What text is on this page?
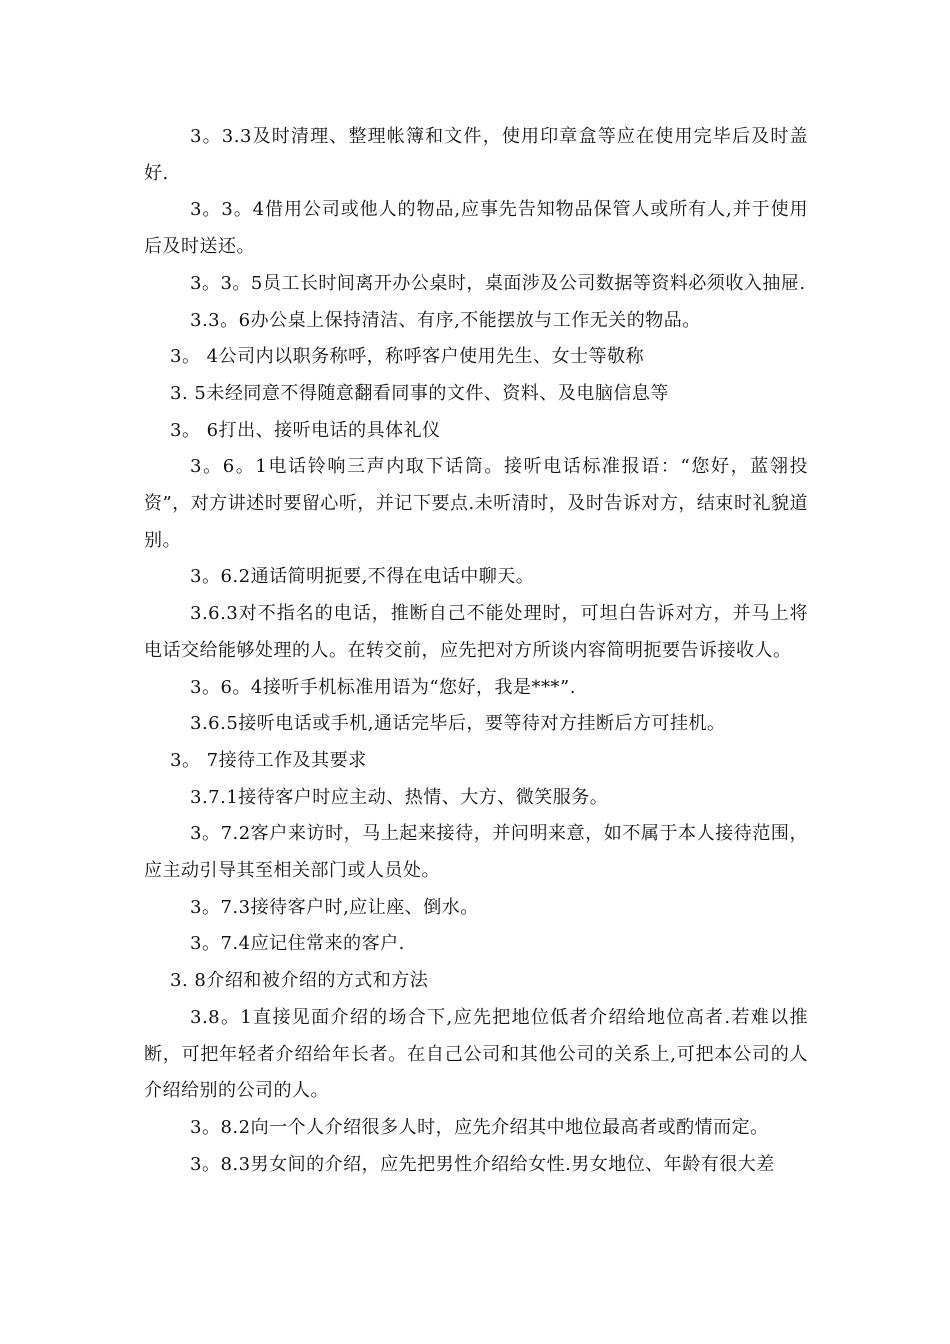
3。3.3及时清理、整理帐簿和文件，使用印章盒等应在使用完毕后及时盖好.

3。3。4借用公司或他人的物品,应事先告知物品保管人或所有人,并于使用后及时送还。

3。3。5员工长时间离开办公桌时，桌面涉及公司数据等资料必须收入抽屉.

3.3。6办公桌上保持清洁、有序,不能摆放与工作无关的物品。

3。 4公司内以职务称呼，称呼客户使用先生、女士等敬称

3. 5未经同意不得随意翻看同事的文件、资料、及电脑信息等

3。 6打出、接听电话的具体礼仪

3。6。1电话铃响三声内取下话筒。接听电话标准报语：“您好，蓝翎投资”，对方讲述时要留心听，并记下要点.未听清时，及时告诉对方，结束时礼貌道别。

3。6.2通话简明扼要,不得在电话中聊天。

3.6.3对不指名的电话，推断自己不能处理时，可坦白告诉对方，并马上将电话交给能够处理的人。在转交前，应先把对方所谈内容简明扼要告诉接收人。

3。6。4接听手机标准用语为“您好，我是***”.

3.6.5接听电话或手机,通话完毕后，要等待对方挂断后方可挂机。

3。 7接待工作及其要求

3.7.1接待客户时应主动、热情、大方、微笑服务。

3。7.2客户来访时，马上起来接待，并问明来意，如不属于本人接待范围，应主动引导其至相关部门或人员处。

3。7.3接待客户时,应让座、倒水。

3。7.4应记住常来的客户.

3. 8介绍和被介绍的方式和方法

3.8。1直接见面介绍的场合下,应先把地位低者介绍给地位高者.若难以推断，可把年轻者介绍给年长者。在自己公司和其他公司的关系上,可把本公司的人介绍给别的公司的人。

3。8.2向一个人介绍很多人时，应先介绍其中地位最高者或酌情而定。

3。8.3男女间的介绍，应先把男性介绍给女性.男女地位、年龄有很大差
